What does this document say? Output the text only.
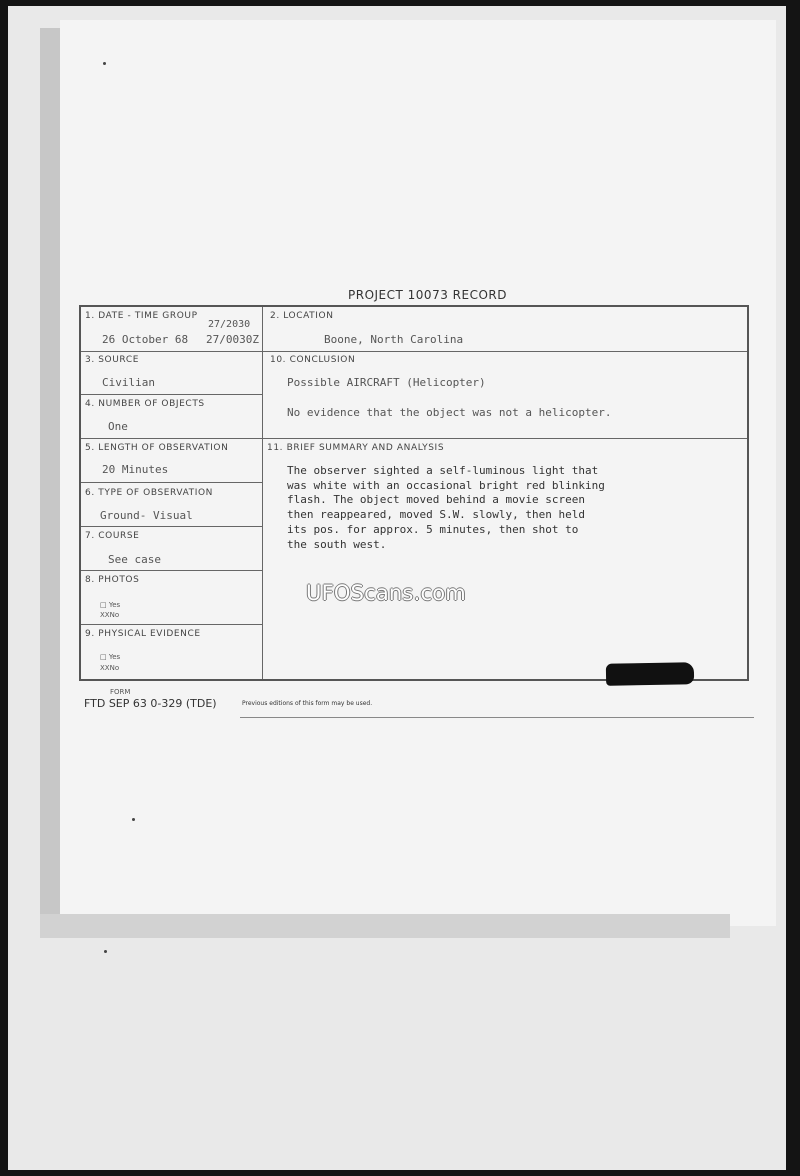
PROJECT 10073 RECORD
1. DATE - TIME GROUP
27/2030
26 October 68 27/0030Z
2. LOCATION
Boone, North Carolina
3. SOURCE
Civilian
10. CONCLUSION
Possible AIRCRAFT (Helicopter)
No evidence that the object was not a helicopter.
4. NUMBER OF OBJECTS
One
5. LENGTH OF OBSERVATION
20 Minutes
11. BRIEF SUMMARY AND ANALYSIS
The observer sighted a self-luminous light that
was white with an occasional bright red blinking
flash. The object moved behind a movie screen
then reappeared, moved S.W. slowly, then held
its pos. for approx. 5 minutes, then shot to
the south west.
6. TYPE OF OBSERVATION
Ground- Visual
7. COURSE
See case
8. PHOTOS
□ Yes
XXNo
9. PHYSICAL EVIDENCE
□ Yes
XXNo
UFOScans.com
FORM
FTD SEP 63 0-329 (TDE)	Previous editions of this form may be used.
